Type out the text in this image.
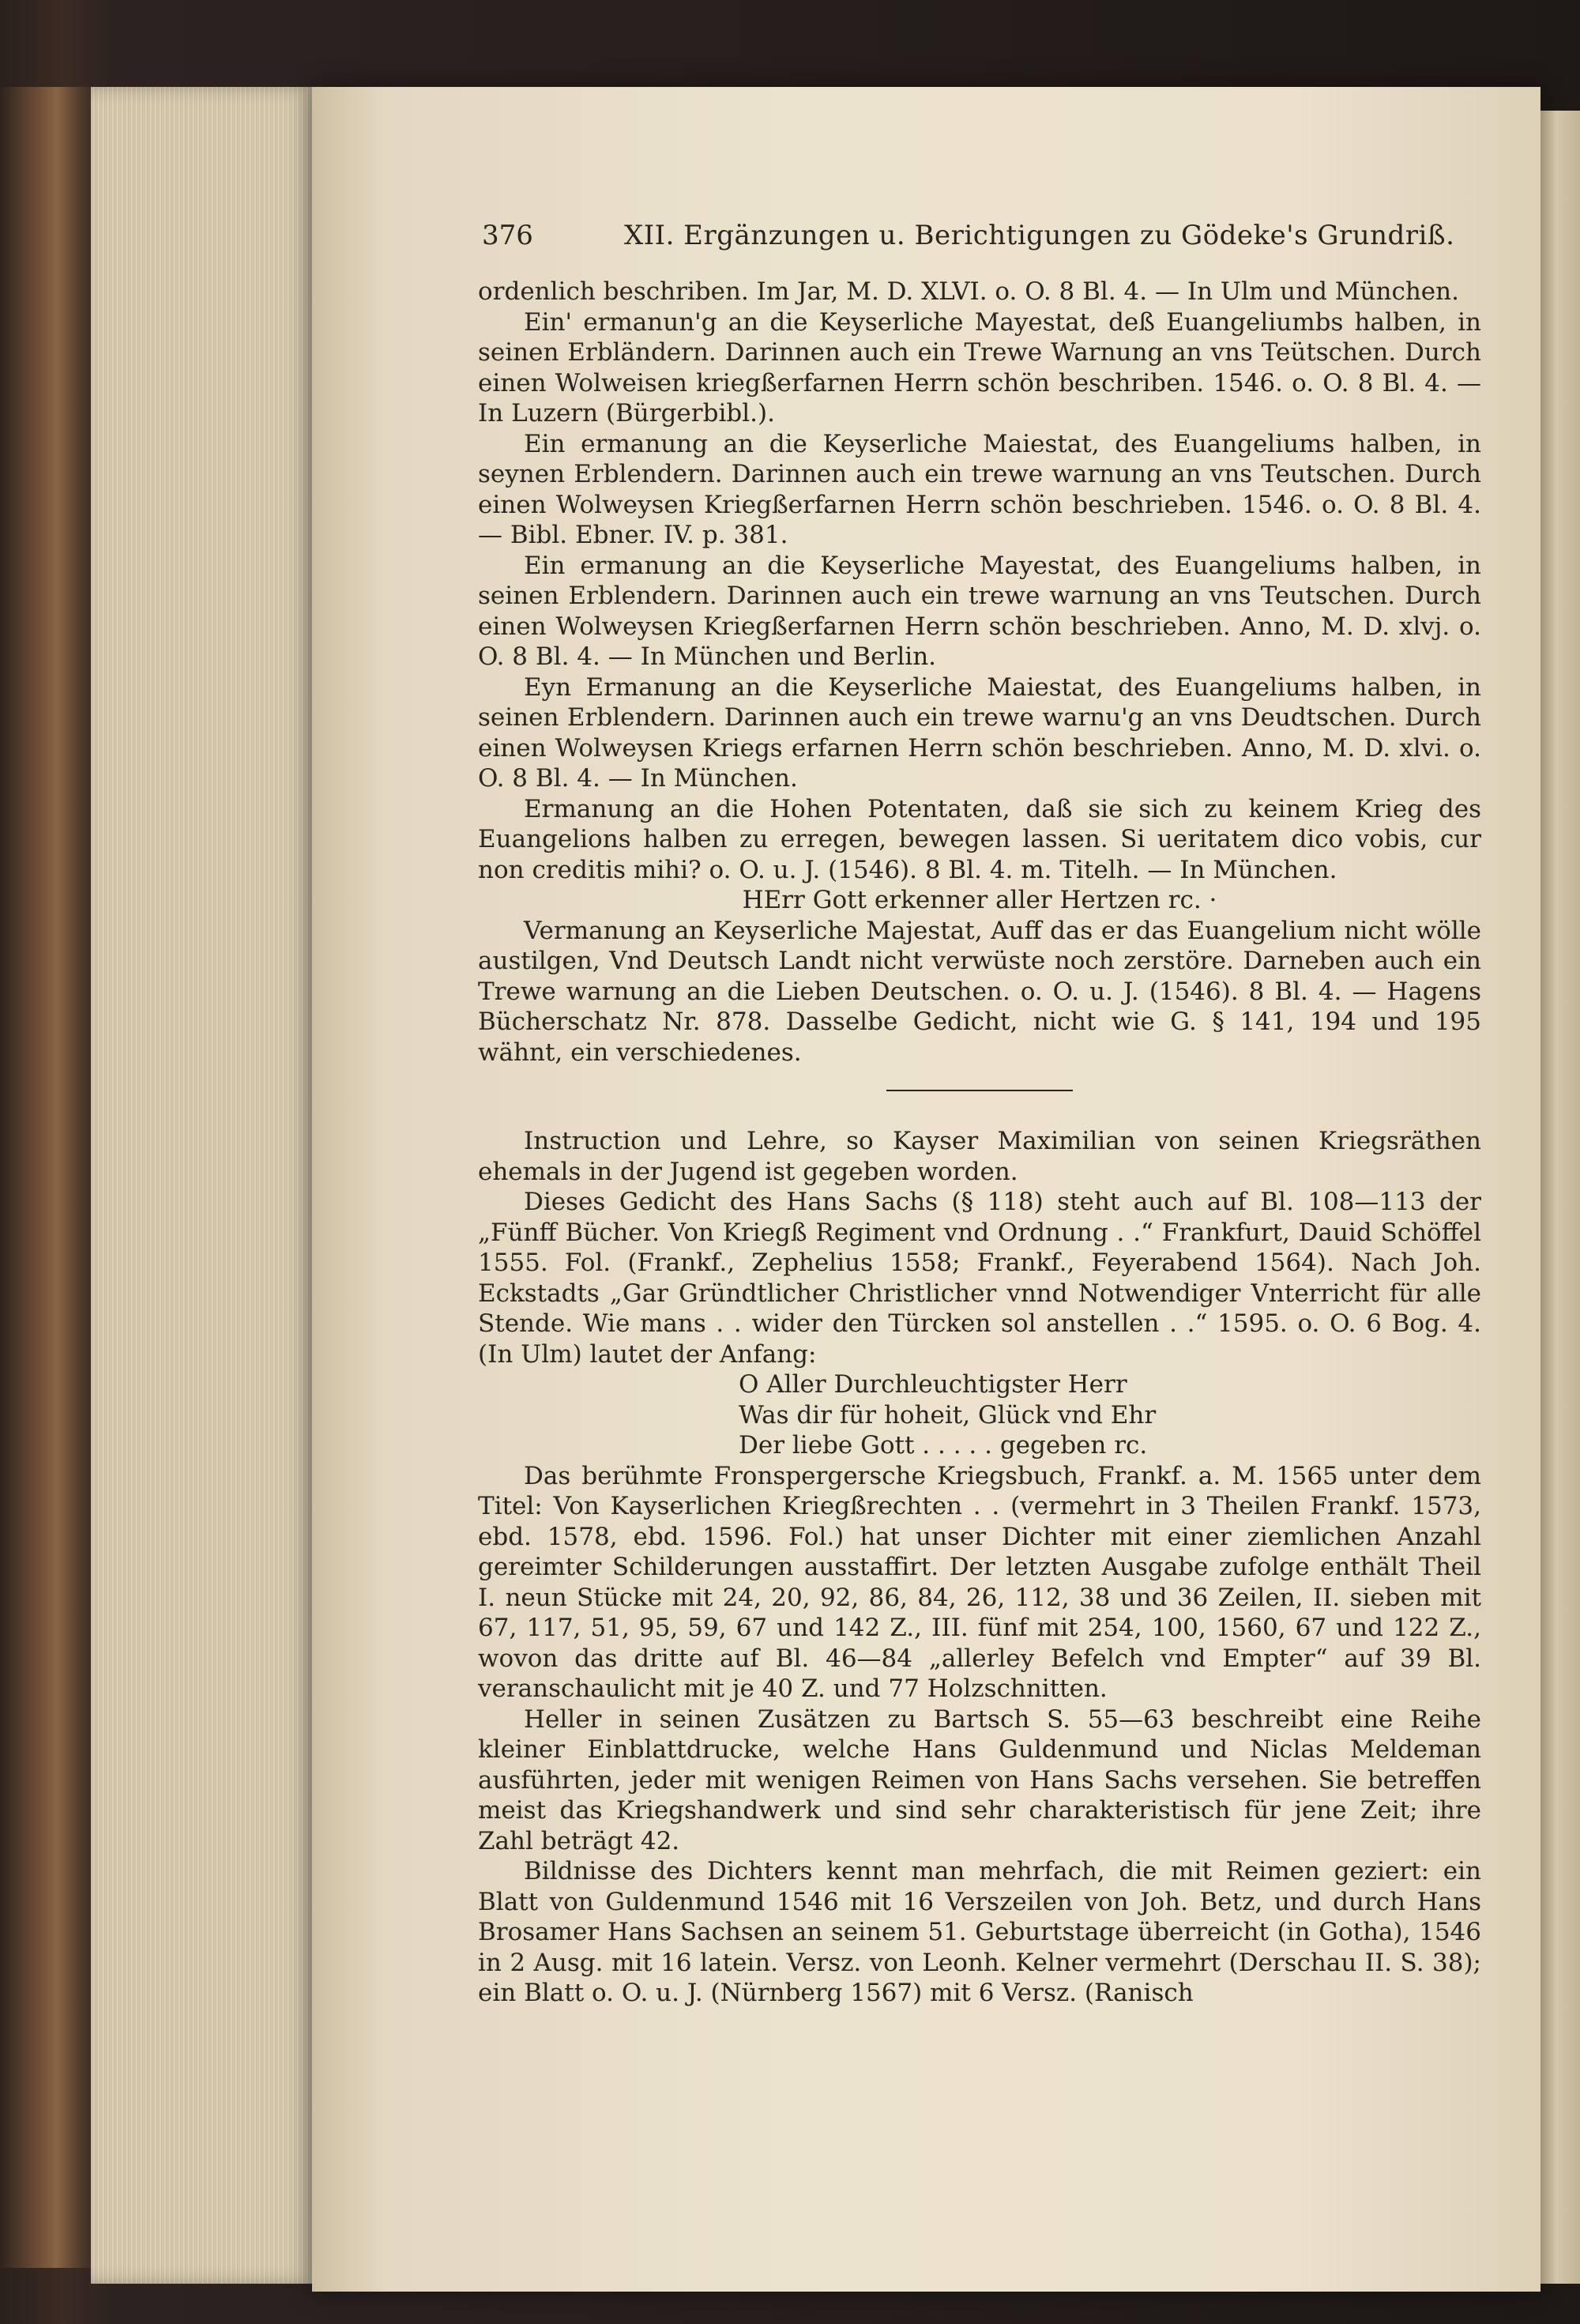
376	XII. Ergänzungen u. Berichtigungen zu Gödeke's Grundriß.

ordenlich beschriben. Im Jar, M. D. XLVI. o. O. 8 Bl. 4. — In Ulm und München.

Ein' ermanun'g an die Keyserliche Mayestat, deß Euangeliumbs halben, in seinen Erbländern. Darinnen auch ein Trewe Warnung an vns Teütschen. Durch einen Wolweisen kriegßerfarnen Herrn schön beschriben. 1546. o. O. 8 Bl. 4. — In Luzern (Bürgerbibl.).

Ein ermanung an die Keyserliche Maiestat, des Euangeliums halben, in seynen Erblendern. Darinnen auch ein trewe warnung an vns Teutschen. Durch einen Wolweysen Kriegßerfarnen Herrn schön beschrieben. 1546. o. O. 8 Bl. 4. — Bibl. Ebner. IV. p. 381.

Ein ermanung an die Keyserliche Mayestat, des Euangeliums halben, in seinen Erblendern. Darinnen auch ein trewe warnung an vns Teutschen. Durch einen Wolweysen Kriegßerfarnen Herrn schön beschrieben. Anno, M. D. xlvj. o. O. 8 Bl. 4. — In München und Berlin.

Eyn Ermanung an die Keyserliche Maiestat, des Euangeliums halben, in seinen Erblendern. Darinnen auch ein trewe warnu'g an vns Deudtschen. Durch einen Wolweysen Kriegs erfarnen Herrn schön beschrieben. Anno, M. D. xlvi. o. O. 8 Bl. 4. — In München.

Ermanung an die Hohen Potentaten, daß sie sich zu keinem Krieg des Euangelions halben zu erregen, bewegen lassen. Si ueritatem dico vobis, cur non creditis mihi? o. O. u. J. (1546). 8 Bl. 4. m. Titelh. — In München.

HErr Gott erkenner aller Hertzen rc. ·

Vermanung an Keyserliche Majestat, Auff das er das Euangelium nicht wölle austilgen, Vnd Deutsch Landt nicht verwüste noch zerstöre. Darneben auch ein Trewe warnung an die Lieben Deutschen. o. O. u. J. (1546). 8 Bl. 4. — Hagens Bücherschatz Nr. 878. Dasselbe Gedicht, nicht wie G. § 141, 194 und 195 wähnt, ein verschiedenes.

Instruction und Lehre, so Kayser Maximilian von seinen Kriegsräthen ehemals in der Jugend ist gegeben worden.

Dieses Gedicht des Hans Sachs (§ 118) steht auch auf Bl. 108—113 der „Fünff Bücher. Von Kriegß Regiment vnd Ordnung . .“ Frankfurt, Dauid Schöffel 1555. Fol. (Frankf., Zephelius 1558; Frankf., Feyerabend 1564). Nach Joh. Eckstadts „Gar Gründtlicher Christlicher vnnd Notwendiger Vnterricht für alle Stende. Wie mans . . wider den Türcken sol anstellen . .“ 1595. o. O. 6 Bog. 4. (In Ulm) lautet der Anfang:

O Aller Durchleuchtigster Herr

Was dir für hoheit, Glück vnd Ehr

Der liebe Gott . . . . . gegeben rc.

Das berühmte Fronspergersche Kriegsbuch, Frankf. a. M. 1565 unter dem Titel: Von Kayserlichen Kriegßrechten . . (vermehrt in 3 Theilen Frankf. 1573, ebd. 1578, ebd. 1596. Fol.) hat unser Dichter mit einer ziemlichen Anzahl gereimter Schilderungen ausstaffirt. Der letzten Ausgabe zufolge enthält Theil I. neun Stücke mit 24, 20, 92, 86, 84, 26, 112, 38 und 36 Zeilen, II. sieben mit 67, 117, 51, 95, 59, 67 und 142 Z., III. fünf mit 254, 100, 1560, 67 und 122 Z., wovon das dritte auf Bl. 46—84 „allerley Befelch vnd Empter“ auf 39 Bl. veranschaulicht mit je 40 Z. und 77 Holzschnitten.

Heller in seinen Zusätzen zu Bartsch S. 55—63 beschreibt eine Reihe kleiner Einblattdrucke, welche Hans Guldenmund und Niclas Meldeman ausführten, jeder mit wenigen Reimen von Hans Sachs versehen. Sie betreffen meist das Kriegshandwerk und sind sehr charakteristisch für jene Zeit; ihre Zahl beträgt 42.

Bildnisse des Dichters kennt man mehrfach, die mit Reimen geziert: ein Blatt von Guldenmund 1546 mit 16 Verszeilen von Joh. Betz, und durch Hans Brosamer Hans Sachsen an seinem 51. Geburtstage überreicht (in Gotha), 1546 in 2 Ausg. mit 16 latein. Versz. von Leonh. Kelner vermehrt (Derschau II. S. 38); ein Blatt o. O. u. J. (Nürnberg 1567) mit 6 Versz. (Ranisch
